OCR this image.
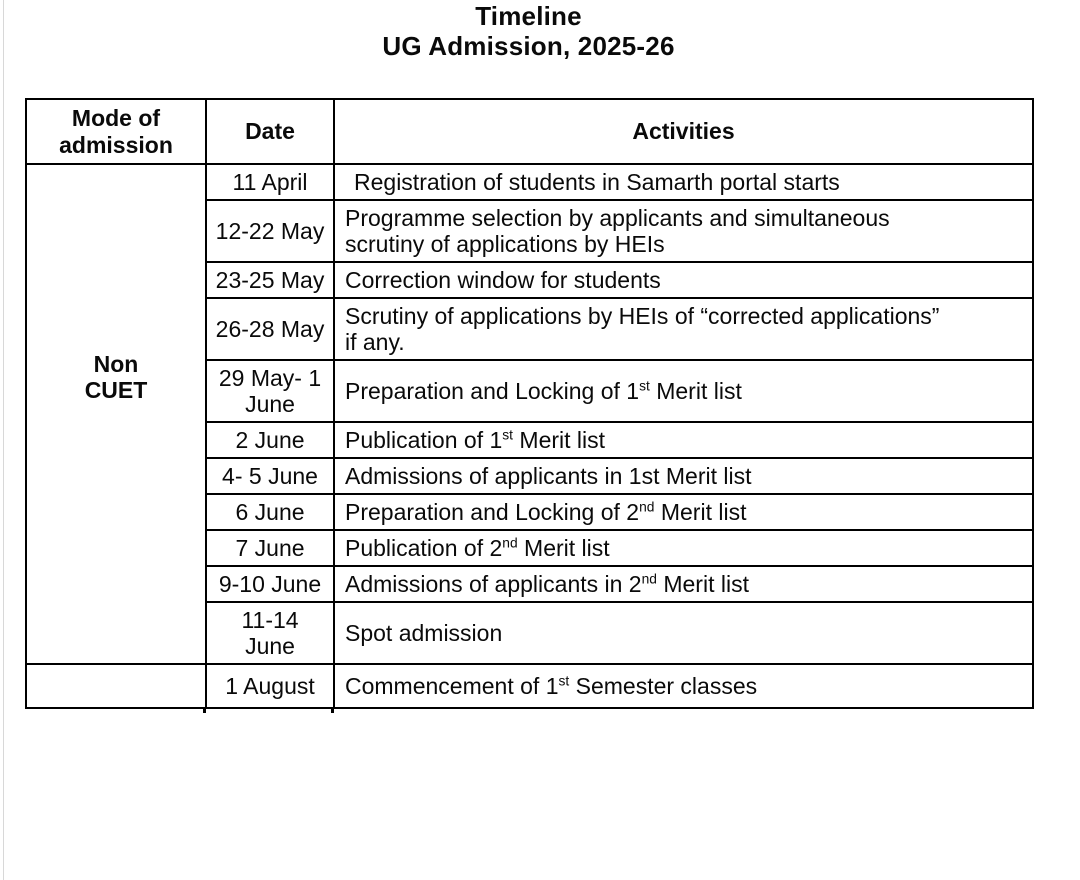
Timeline
UG Admission, 2025-26
Mode of
admission	Date	Activities
Non
CUET	11 April	Registration of students in Samarth portal starts
	12-22 May	Programme selection by applicants and simultaneous
scrutiny of applications by HEIs
	23-25 May	Correction window for students
	26-28 May	Scrutiny of applications by HEIs of “corrected applications”
if any.
	29 May- 1
June	Preparation and Locking of 1st Merit list
	2 June	Publication of 1st Merit list
	4- 5 June	Admissions of applicants in 1st Merit list
	6 June	Preparation and Locking of 2nd Merit list
	7 June	Publication of 2nd Merit list
	9-10 June	Admissions of applicants in 2nd Merit list
	11-14
June	Spot admission
	1 August	Commencement of 1st Semester classes
